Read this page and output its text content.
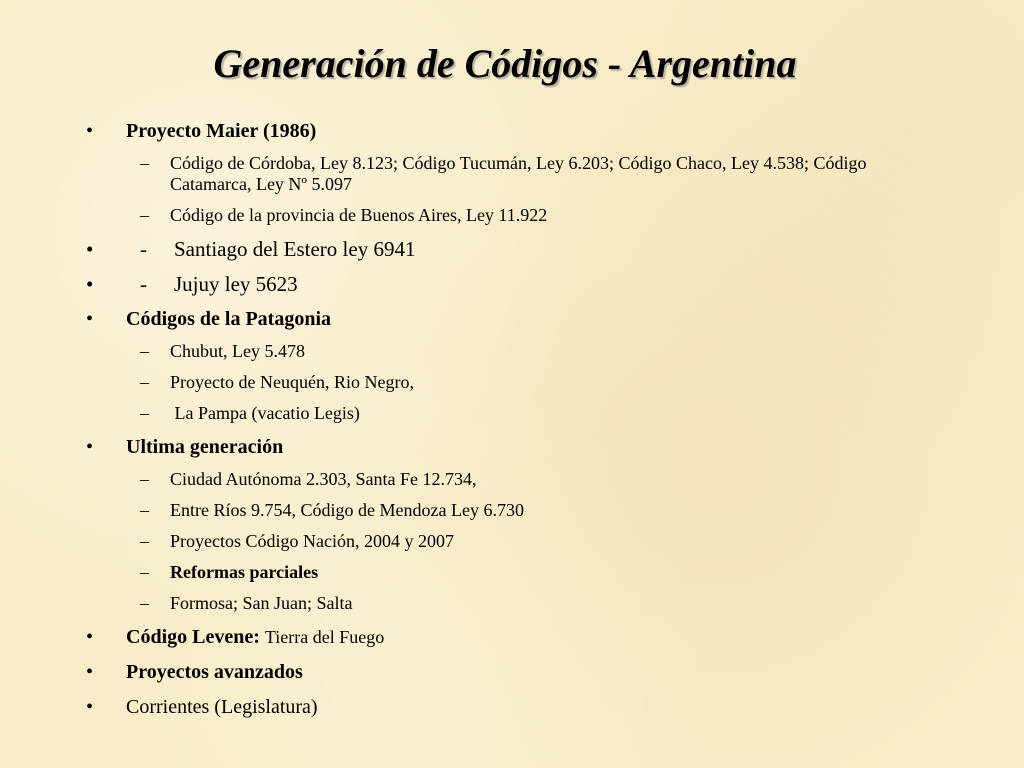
Generación de Códigos - Argentina
• Proyecto Maier (1986)
– Código de Córdoba, Ley 8.123; Código Tucumán, Ley 6.203; Código Chaco, Ley 4.538; Código Catamarca, Ley Nº 5.097
– Código de la provincia de Buenos Aires, Ley 11.922
• - Santiago del Estero ley 6941
• - Jujuy ley 5623
• Códigos de la Patagonia
– Chubut, Ley 5.478
– Proyecto de Neuquén, Rio Negro,
– La Pampa (vacatio Legis)
• Ultima generación
– Ciudad Autónoma 2.303, Santa Fe 12.734,
– Entre Ríos 9.754, Código de Mendoza Ley 6.730
– Proyectos Código Nación, 2004 y 2007
– Reformas parciales
– Formosa; San Juan; Salta
• Código Levene: Tierra del Fuego
• Proyectos avanzados
• Corrientes (Legislatura)
